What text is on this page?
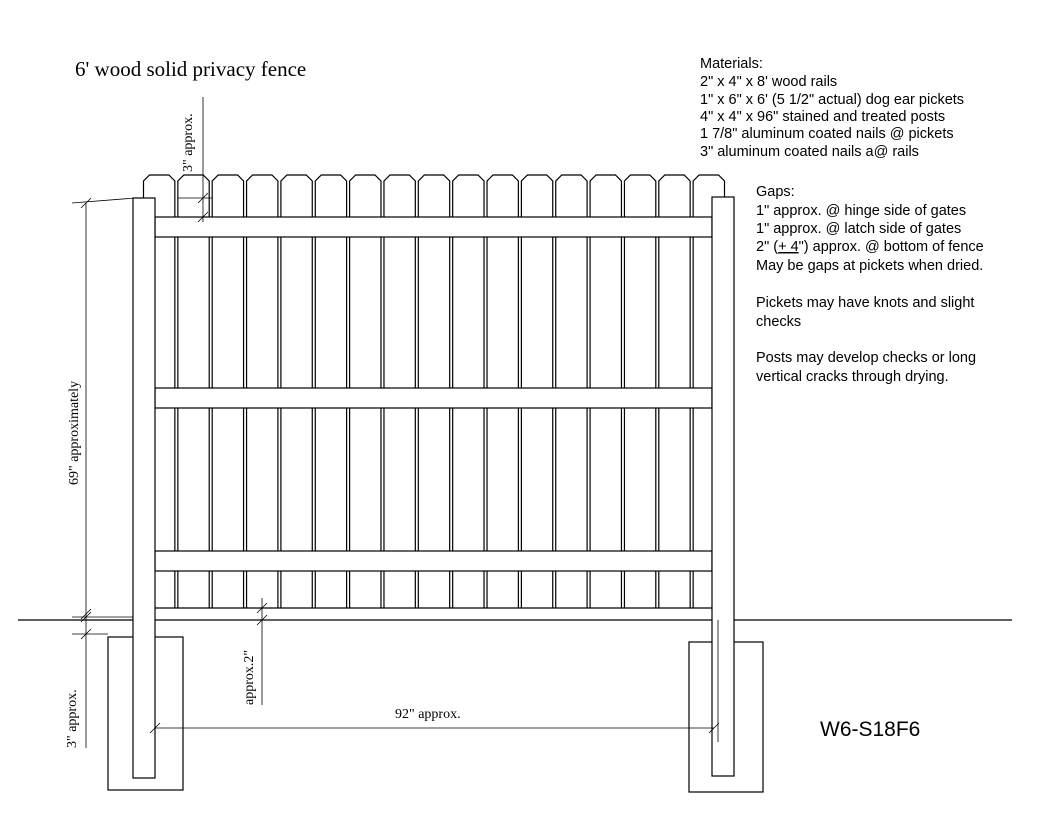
6' wood solid privacy fence
3" approx.
69" approximately
3" approx.
approx.2"
92" approx.
Materials:
2" x 4" x 8' wood rails
1" x 6" x 6' (5 1/2" actual) dog ear pickets
4" x 4" x 96" stained and treated posts
1 7/8" aluminum coated nails @ pickets
3" aluminum coated nails a@ rails
Gaps:
1" approx. @ hinge side of gates
1" approx. @ latch side of gates
2" (+ 4") approx. @ bottom of fence
May be gaps at pickets when dried.
Pickets may have knots and slight
checks
Posts may develop checks or long
vertical cracks through drying.
W6-S18F6
